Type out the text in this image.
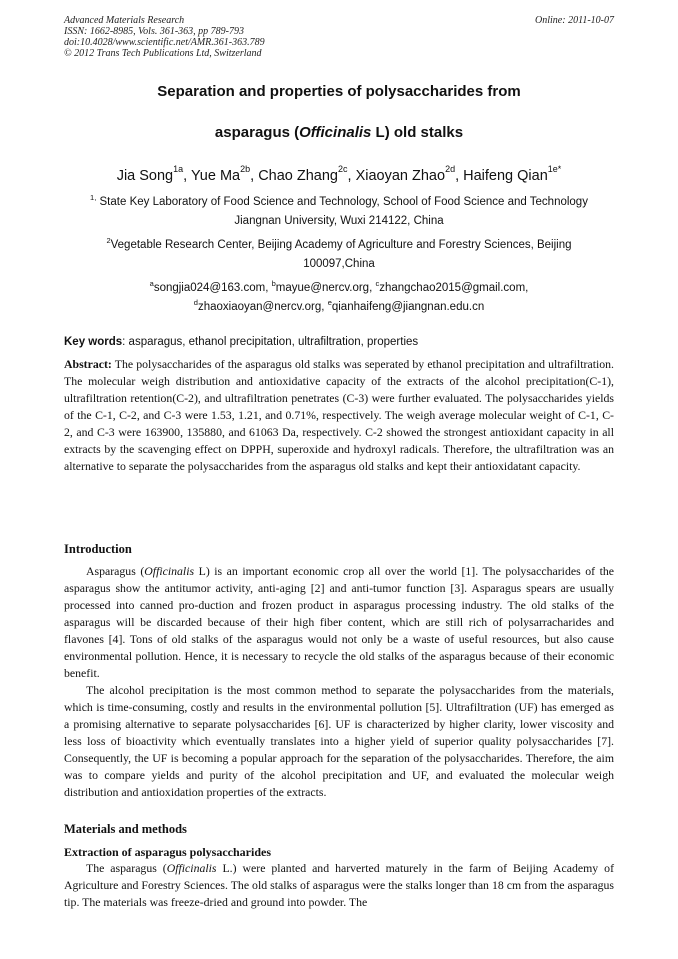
Advanced Materials Research
ISSN: 1662-8985, Vols. 361-363, pp 789-793
doi:10.4028/www.scientific.net/AMR.361-363.789
© 2012 Trans Tech Publications Ltd, Switzerland
Online: 2011-10-07
Separation and properties of polysaccharides from
asparagus (Officinalis L) old stalks
Jia Song$^{1a}$, Yue $Ma^{2b}$, Chao Zhang$^{2c}$, Xiaoyan Zhao$^{2d}$, Haifeng Qian$^{1e*}$
$^{1,}$ State Key Laboratory of Food Science and Technology, School of Food Science and Technology
Jiangnan University, Wuxi 214122, China
$^2$Vegetable Research Center, Beijing Academy of Agriculture and Forestry Sciences, Beijing
100097,China
$^a$songjia024@163.com, $^b$mayue@nercv.org, $^c$zhangchao2015@gmail.com,
$^d$zhaoxiaoyan@nercv.org, $^e$qianhaifeng@jiangnan.edu.cn
Key words: asparagus, ethanol precipitation, ultrafiltration, properties

Abstract: The polysaccharides of the asparagus old stalks was seperated by ethanol precipitation and ultrafiltration. The molecular weigh distribution and antioxidative capacity of the extracts of the alcohol precipitation(C-1), ultrafiltration retention(C-2), and ultrafiltration penetrates (C-3) were further evaluated. The polysaccharides yields of the C-1, C-2, and C-3 were 1.53, 1.21, and 0.71%, respectively. The weigh average molecular weight of C-1, C-2, and C-3 were 163900, 135880, and 61063 Da, respectively. C-2 showed the strongest antioxidant capacity in all extracts by the scavenging effect on DPPH, superoxide and hydroxyl radicals. Therefore, the ultrafiltration was an alternative to separate the polysaccharides from the asparagus old stalks and kept their antioxidatant capacity.

Introduction

Asparagus (Officinalis L) is an important economic crop all over the world [1]. The polysaccharides of the asparagus show the antitumor activity, anti-aging [2] and anti-tumor function [3]. Asparagus spears are usually processed into canned pro-duction and frozen product in asparagus processing industry. The old stalks of the asparagus will be discarded because of their high fiber content, which are still rich of polysarracharides and flavones [4]. Tons of old stalks of the asparagus would not only be a waste of useful resources, but also cause environmental pollution. Hence, it is necessary to recycle the old stalks of the asparagus because of their economic benefit.

The alcohol precipitation is the most common method to separate the polysaccharides from the materials, which is time-consuming, costly and results in the environmental pollution [5]. Ultrafiltration (UF) has emerged as a promising alternative to separate polysaccharides [6]. UF is characterized by higher clarity, lower viscosity and less loss of bioactivity which eventually translates into a higher yield of superior quality polysaccharides [7]. Consequently, the UF is becoming a popular approach for the separation of the polysaccharides. Therefore, the aim was to compare yields and purity of the alcohol precipitation and UF, and evaluated the molecular weigh distribution and antioxidation properties of the extracts.

Materials and methods
Extraction of asparagus polysaccharides

The asparagus (Officinalis L.) were planted and harverted maturely in the farm of Beijing Academy of Agriculture and Forestry Sciences. The old stalks of asparagus were the stalks longer than 18 cm from the asparagus tip. The materials was freeze-dried and ground into powder. The
